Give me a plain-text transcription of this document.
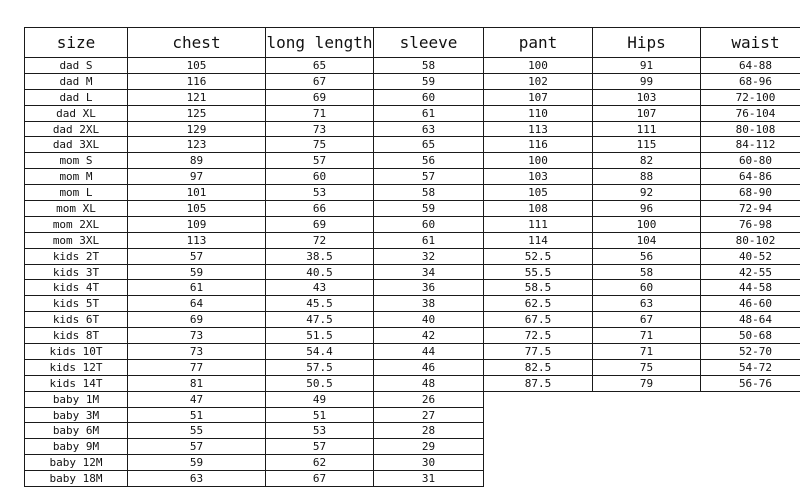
size	chest	long length	sleeve	pant	Hips	waist
dad S	105	65	58	100	91	64-88
dad M	116	67	59	102	99	68-96
dad L	121	69	60	107	103	72-100
dad XL	125	71	61	110	107	76-104
dad 2XL	129	73	63	113	111	80-108
dad 3XL	123	75	65	116	115	84-112
mom S	89	57	56	100	82	60-80
mom M	97	60	57	103	88	64-86
mom L	101	53	58	105	92	68-90
mom XL	105	66	59	108	96	72-94
mom 2XL	109	69	60	111	100	76-98
mom 3XL	113	72	61	114	104	80-102
kids 2T	57	38.5	32	52.5	56	40-52
kids 3T	59	40.5	34	55.5	58	42-55
kids 4T	61	43	36	58.5	60	44-58
kids 5T	64	45.5	38	62.5	63	46-60
kids 6T	69	47.5	40	67.5	67	48-64
kids 8T	73	51.5	42	72.5	71	50-68
kids 10T	73	54.4	44	77.5	71	52-70
kids 12T	77	57.5	46	82.5	75	54-72
kids 14T	81	50.5	48	87.5	79	56-76
baby 1M	47	49	26			
baby 3M	51	51	27			
baby 6M	55	53	28			
baby 9M	57	57	29			
baby 12M	59	62	30			
baby 18M	63	67	31			
